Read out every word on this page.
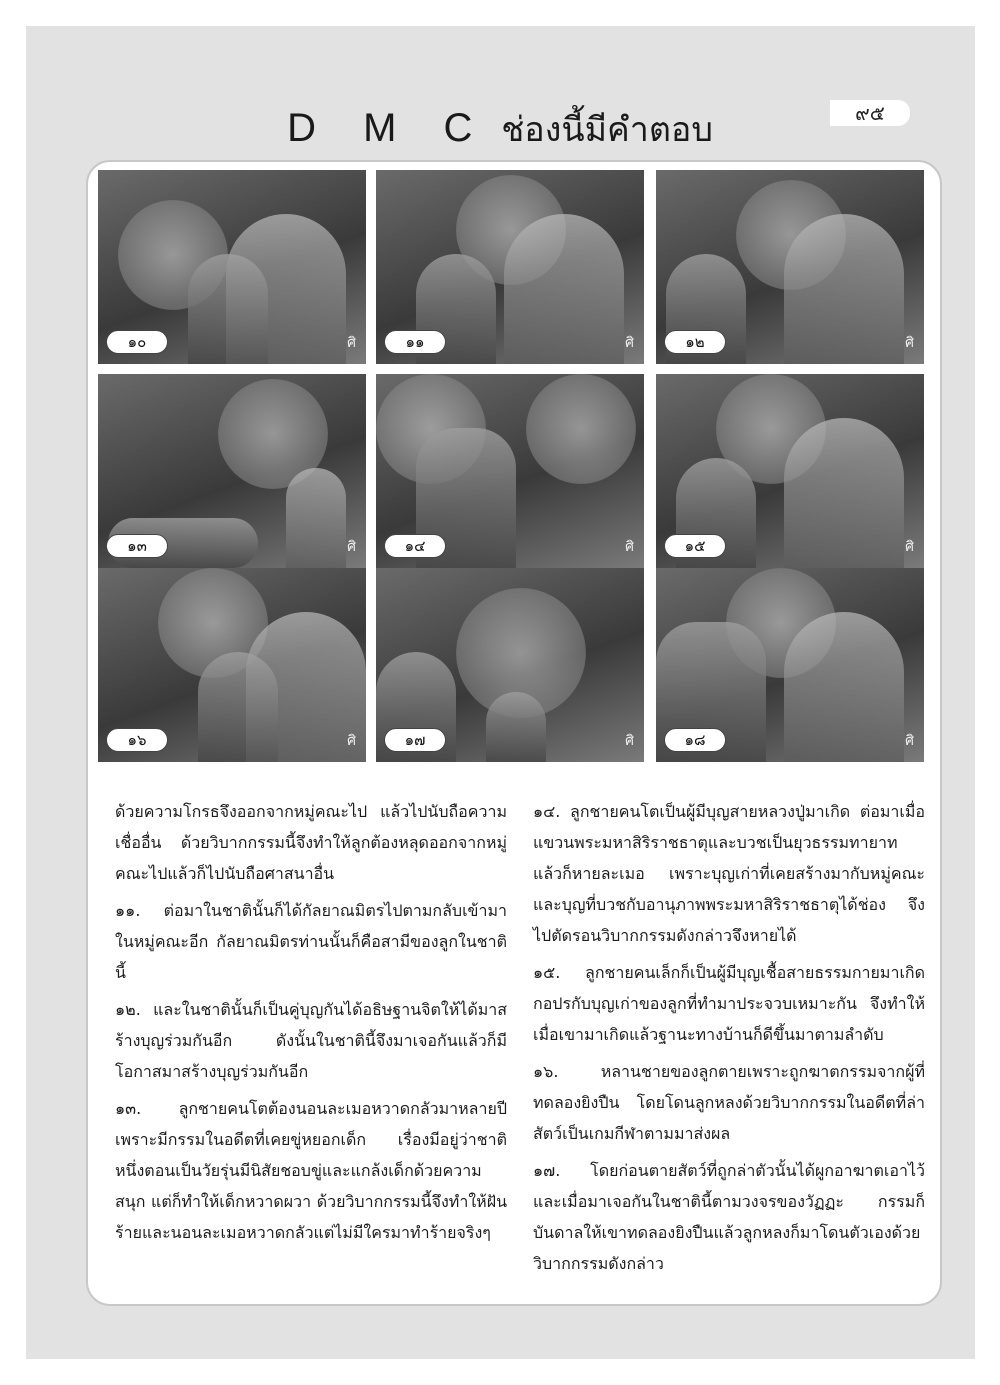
D M C ช่องนี้มีคำตอบ	๙๕
๑๐	ศิ	๑๑	ศิ	๑๒	ศิ
๑๓	ศิ	๑๔	ศิ	๑๕	ศิ
๑๖	ศิ	๑๗	ศิ	๑๘	ศิ

ด้วยความโกรธจึงออกจากหมู่คณะไป แล้วไปนับถือความเชื่ออื่น ด้วยวิบากกรรมนี้จึงทำให้ลูกต้องหลุดออกจากหมู่คณะไปแล้วก็ไปนับถือศาสนาอื่น

๑๑. ต่อมาในชาตินั้นก็ได้กัลยาณมิตรไปตามกลับเข้ามาในหมู่คณะอีก กัลยาณมิตรท่านนั้นก็คือสามีของลูกในชาตินี้

๑๒. และในชาตินั้นก็เป็นคู่บุญกันได้อธิษฐานจิตให้ได้มาสร้างบุญร่วมกันอีก ดังนั้นในชาตินี้จึงมาเจอกันแล้วก็มีโอกาสมาสร้างบุญร่วมกันอีก

๑๓. ลูกชายคนโตต้องนอนละเมอหวาดกลัวมาหลายปี เพราะมีกรรมในอดีตที่เคยขู่หยอกเด็ก เรื่องมีอยู่ว่าชาติหนึ่งตอนเป็นวัยรุ่นมีนิสัยชอบขู่และแกล้งเด็กด้วยความสนุก แต่ก็ทำให้เด็กหวาดผวา ด้วยวิบากกรรมนี้จึงทำให้ฝันร้ายและนอนละเมอหวาดกลัวแต่ไม่มีใครมาทำร้ายจริงๆ

๑๔. ลูกชายคนโตเป็นผู้มีบุญสายหลวงปู่มาเกิด ต่อมาเมื่อแขวนพระมหาสิริราชธาตุและบวชเป็นยุวธรรมทายาท แล้วก็หายละเมอ เพราะบุญเก่าที่เคยสร้างมากับหมู่คณะและบุญที่บวชกับอานุภาพพระมหาสิริราชธาตุได้ช่อง จึงไปตัดรอนวิบากกรรมดังกล่าวจึงหายได้

๑๕. ลูกชายคนเล็กก็เป็นผู้มีบุญเชื้อสายธรรมกายมาเกิด กอปรกับบุญเก่าของลูกที่ทำมาประจวบเหมาะกัน จึงทำให้เมื่อเขามาเกิดแล้วฐานะทางบ้านก็ดีขึ้นมาตามลำดับ

๑๖. หลานชายของลูกตายเพราะถูกฆาตกรรมจากผู้ที่ทดลองยิงปืน โดยโดนลูกหลงด้วยวิบากกรรมในอดีตที่ล่าสัตว์เป็นเกมกีฬาตามมาส่งผล

๑๗. โดยก่อนตายสัตว์ที่ถูกล่าตัวนั้นได้ผูกอาฆาตเอาไว้ และเมื่อมาเจอกันในชาตินี้ตามวงจรของวัฏฏะ กรรมก็บันดาลให้เขาทดลองยิงปืนแล้วลูกหลงก็มาโดนตัวเองด้วยวิบากกรรมดังกล่าว
